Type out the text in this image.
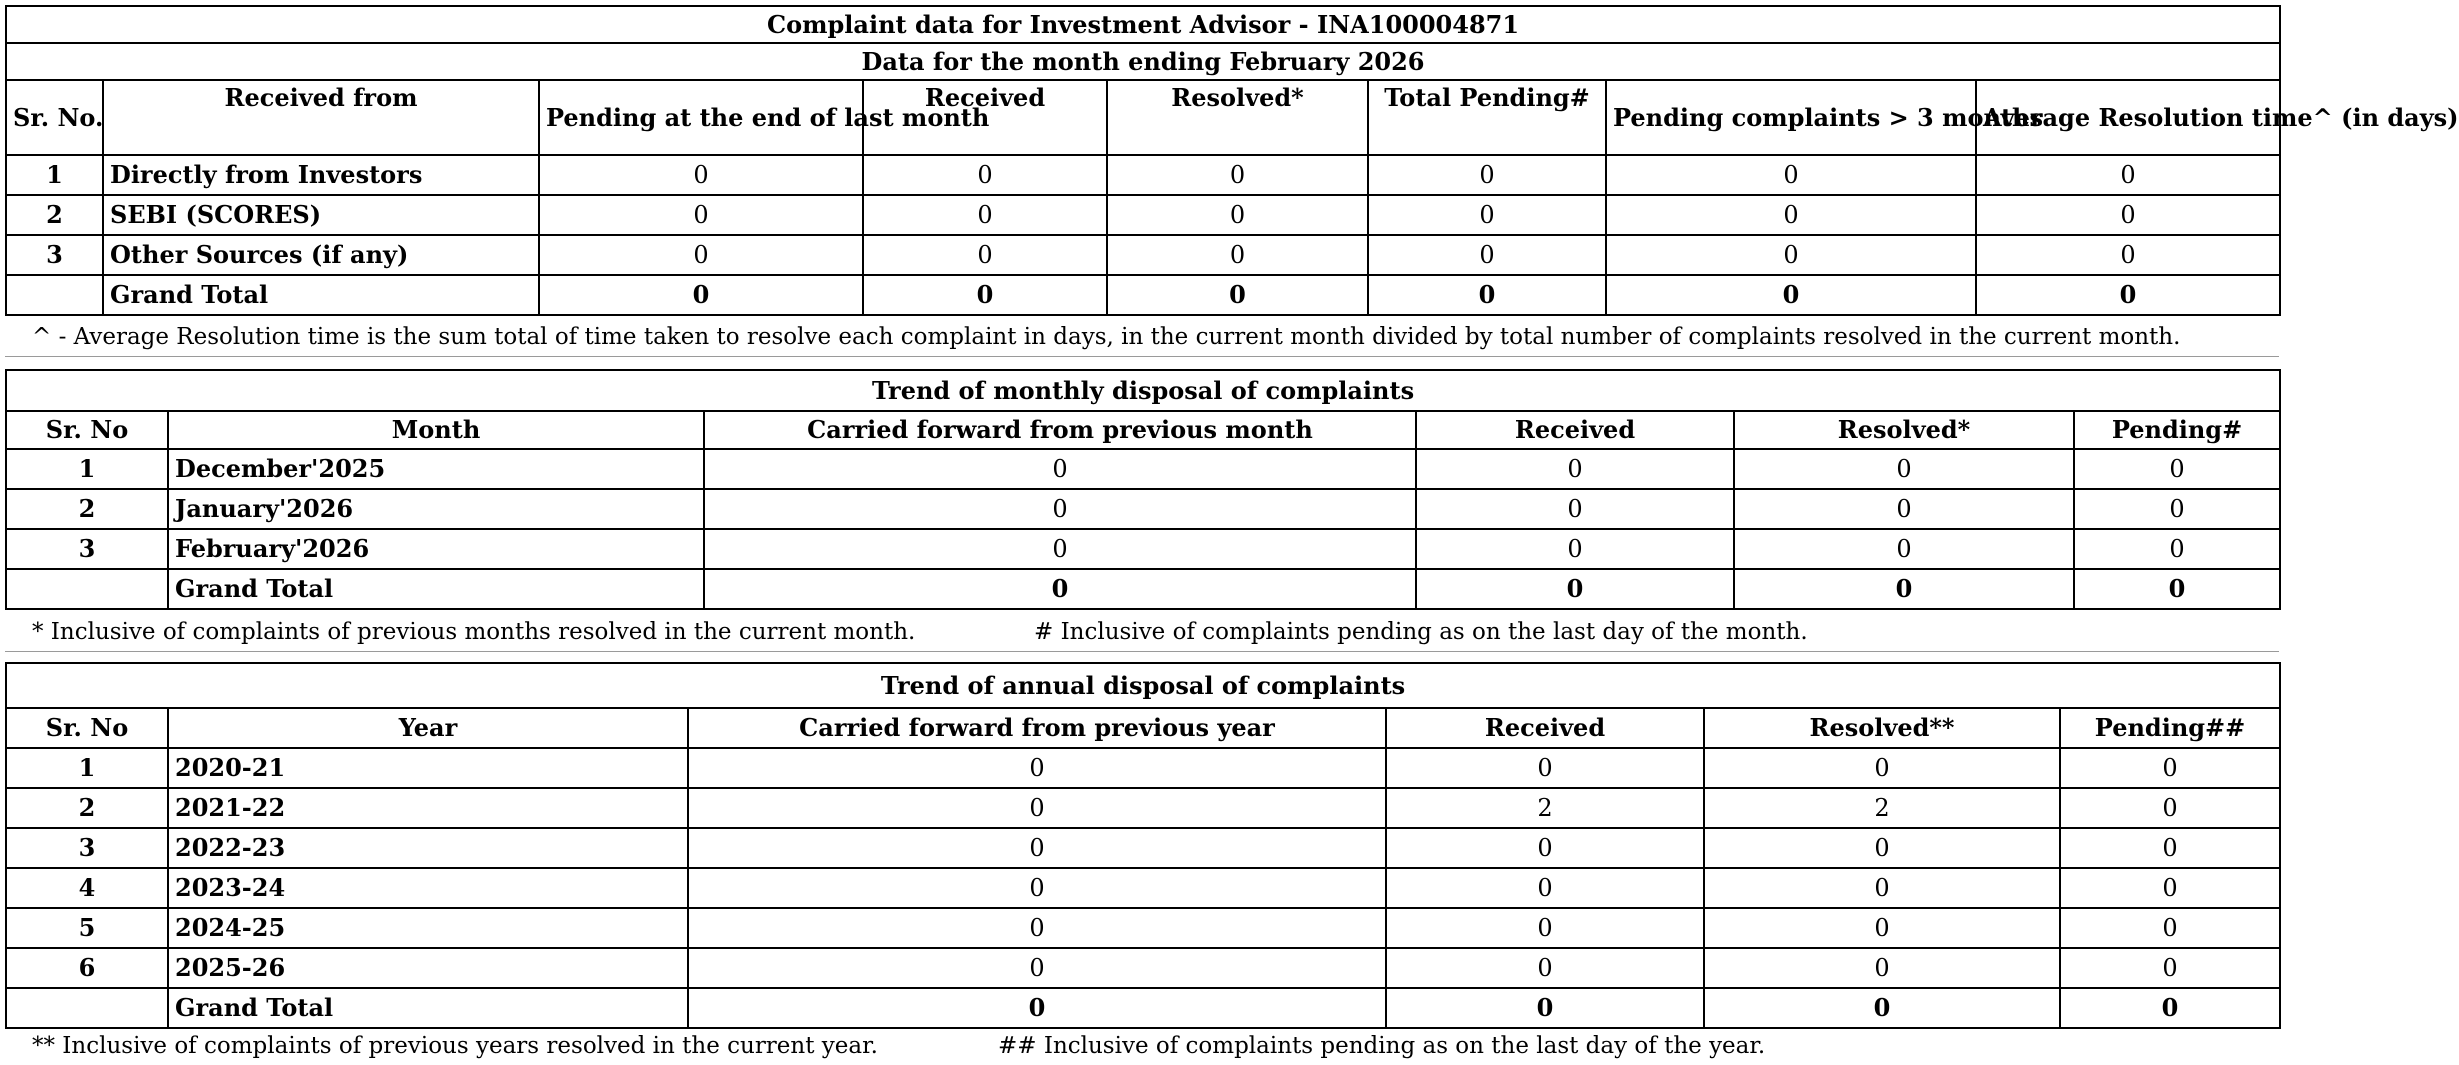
Complaint data for Investment Advisor - INA100004871							
Data for the month ending February 2026							
Sr. No.	Received from	Pending at the end of last month	Received	Resolved*	Total Pending#	Pending complaints > 3 months	Average Resolution time^ (in days)
1	Directly from Investors	0	0	0	0	0	0
2	SEBI (SCORES)	0	0	0	0	0	0
3	Other Sources (if any)	0	0	0	0	0	0
	Grand Total	0	0	0	0	0	0
^ - Average Resolution time is the sum total of time taken to resolve each complaint in days, in the current month divided by total number of complaints resolved in the current month.
Trend of monthly disposal of complaints					
Sr. No	Month	Carried forward from previous month	Received	Resolved*	Pending#
1	December'2025	0	0	0	0
2	January'2026	0	0	0	0
3	February'2026	0	0	0	0
	Grand Total	0	0	0	0
* Inclusive of complaints of previous months resolved in the current month.	# Inclusive of complaints pending as on the last day of the month.
Trend of annual disposal of complaints					
Sr. No	Year	Carried forward from previous year	Received	Resolved**	Pending##
1	2020-21	0	0	0	0
2	2021-22	0	2	2	0
3	2022-23	0	0	0	0
4	2023-24	0	0	0	0
5	2024-25	0	0	0	0
6	2025-26	0	0	0	0
	Grand Total	0	0	0	0
** Inclusive of complaints of previous years resolved in the current year.	## Inclusive of complaints pending as on the last day of the year.
